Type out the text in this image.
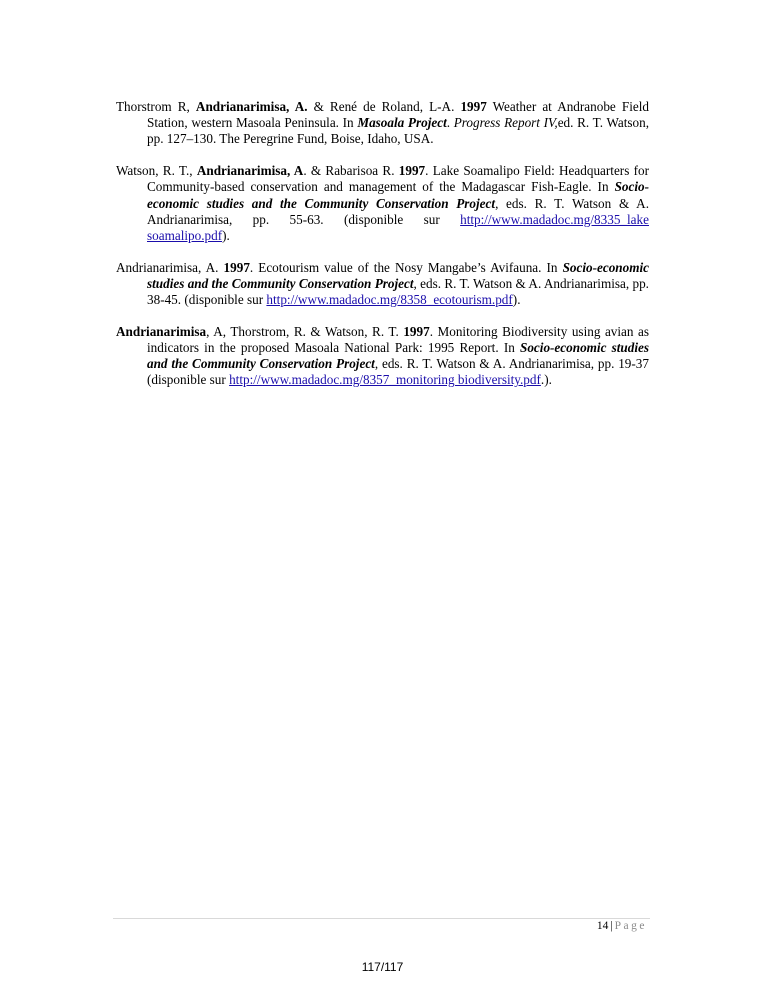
Thorstrom R, Andrianarimisa, A. & René de Roland, L-A. 1997 Weather at Andranobe Field Station, western Masoala Peninsula. In Masoala Project. Progress Report IV,ed. R. T. Watson, pp. 127–130. The Peregrine Fund, Boise, Idaho, USA.

Watson, R. T., Andrianarimisa, A. & Rabarisoa R. 1997. Lake Soamalipo Field: Headquarters for Community-based conservation and management of the Madagascar Fish-Eagle. In Socio-economic studies and the Community Conservation Project, eds. R. T. Watson & A. Andrianarimisa, pp. 55-63. (disponible sur http://www.madadoc.mg/8335_lake soamalipo.pdf).

Andrianarimisa, A. 1997. Ecotourism value of the Nosy Mangabe’s Avifauna. In Socio-economic studies and the Community Conservation Project, eds. R. T. Watson & A. Andrianarimisa, pp. 38-45. (disponible sur http://www.madadoc.mg/8358_ecotourism.pdf).

Andrianarimisa, A, Thorstrom, R. & Watson, R. T. 1997. Monitoring Biodiversity using avian as indicators in the proposed Masoala National Park: 1995 Report. In Socio-economic studies and the Community Conservation Project, eds. R. T. Watson & A. Andrianarimisa, pp. 19-37 (disponible sur http://www.madadoc.mg/8357_monitoring biodiversity.pdf.).

14 | Page
117/117
